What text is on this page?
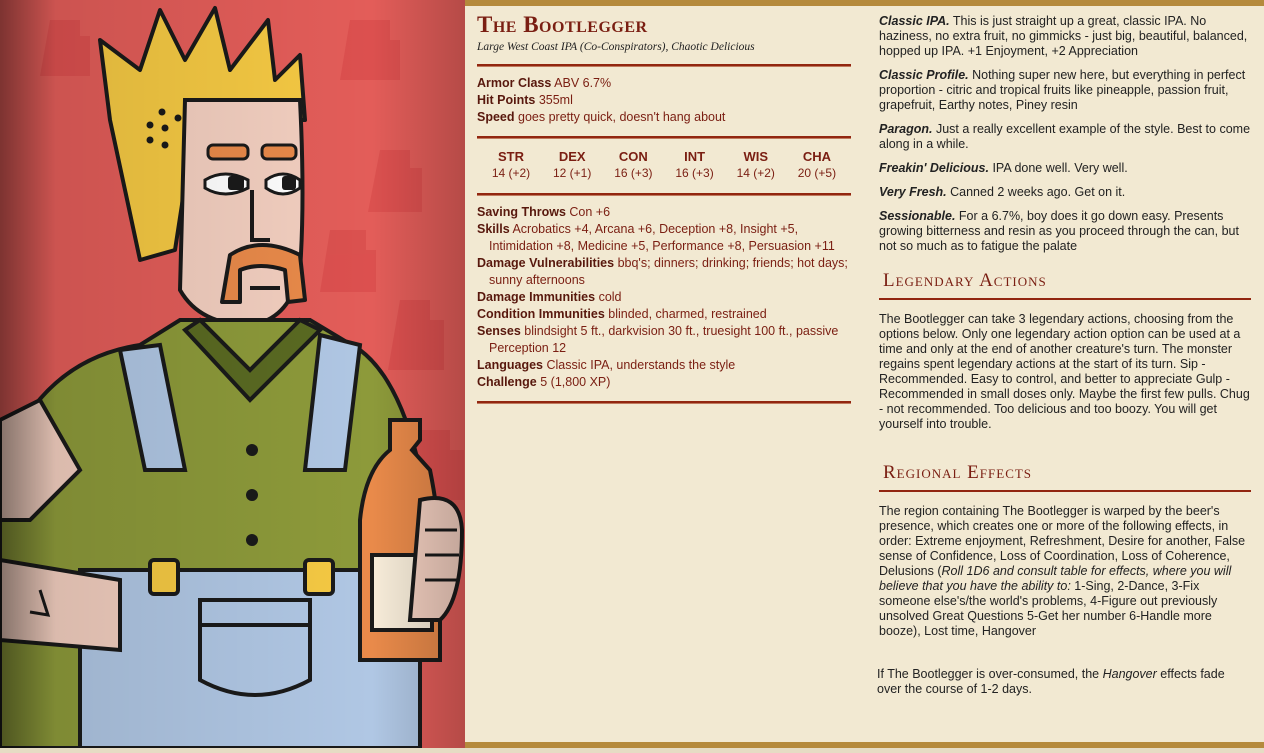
The Bootlegger
Large West Coast IPA (Co-Conspirators), Chaotic Delicious
Armor Class ABV 6.7%
Hit Points 355ml
Speed goes pretty quick, doesn't hang about
STR
14 (+2)
DEX
12 (+1)
CON
16 (+3)
INT
16 (+3)
WIS
14 (+2)
CHA
20 (+5)
Saving Throws Con +6
Skills Acrobatics +4, Arcana +6, Deception +8, Insight +5, Intimidation +8, Medicine +5, Performance +8, Persuasion +11
Damage Vulnerabilities bbq's; dinners; drinking; friends; hot days; sunny afternoons
Damage Immunities cold
Condition Immunities blinded, charmed, restrained
Senses blindsight 5 ft., darkvision 30 ft., truesight 100 ft., passive Perception 12
Languages Classic IPA, understands the style
Challenge 5 (1,800 XP)

Classic IPA. This is just straight up a great, classic IPA. No haziness, no extra fruit, no gimmicks - just big, beautiful, balanced, hopped up IPA. +1 Enjoyment, +2 Appreciation

Classic Profile. Nothing super new here, but everything in perfect proportion - citric and tropical fruits like pineapple, passion fruit, grapefruit, Earthy notes, Piney resin

Paragon. Just a really excellent example of the style. Best to come along in a while.

Freakin' Delicious. IPA done well. Very well.

Very Fresh. Canned 2 weeks ago. Get on it.

Sessionable. For a 6.7%, boy does it go down easy. Presents growing bitterness and resin as you proceed through the can, but not so much as to fatigue the palate

Legendary Actions

The Bootlegger can take 3 legendary actions, choosing from the options below. Only one legendary action option can be used at a time and only at the end of another creature's turn. The monster regains spent legendary actions at the start of its turn. Sip - Recommended. Easy to control, and better to appreciate Gulp - Recommended in small doses only. Maybe the first few pulls. Chug - not recommended. Too delicious and too boozy. You will get yourself into trouble.

Regional Effects

The region containing The Bootlegger is warped by the beer's presence, which creates one or more of the following effects, in order: Extreme enjoyment, Refreshment, Desire for another, False sense of Confidence, Loss of Coordination, Loss of Coherence, Delusions (Roll 1D6 and consult table for effects, where you will believe that you have the ability to: 1-Sing, 2-Dance, 3-Fix someone else's/the world's problems, 4-Figure out previously unsolved Great Questions 5-Get her number 6-Handle more booze), Lost time, Hangover

If The Bootlegger is over-consumed, the Hangover effects fade over the course of 1-2 days.
